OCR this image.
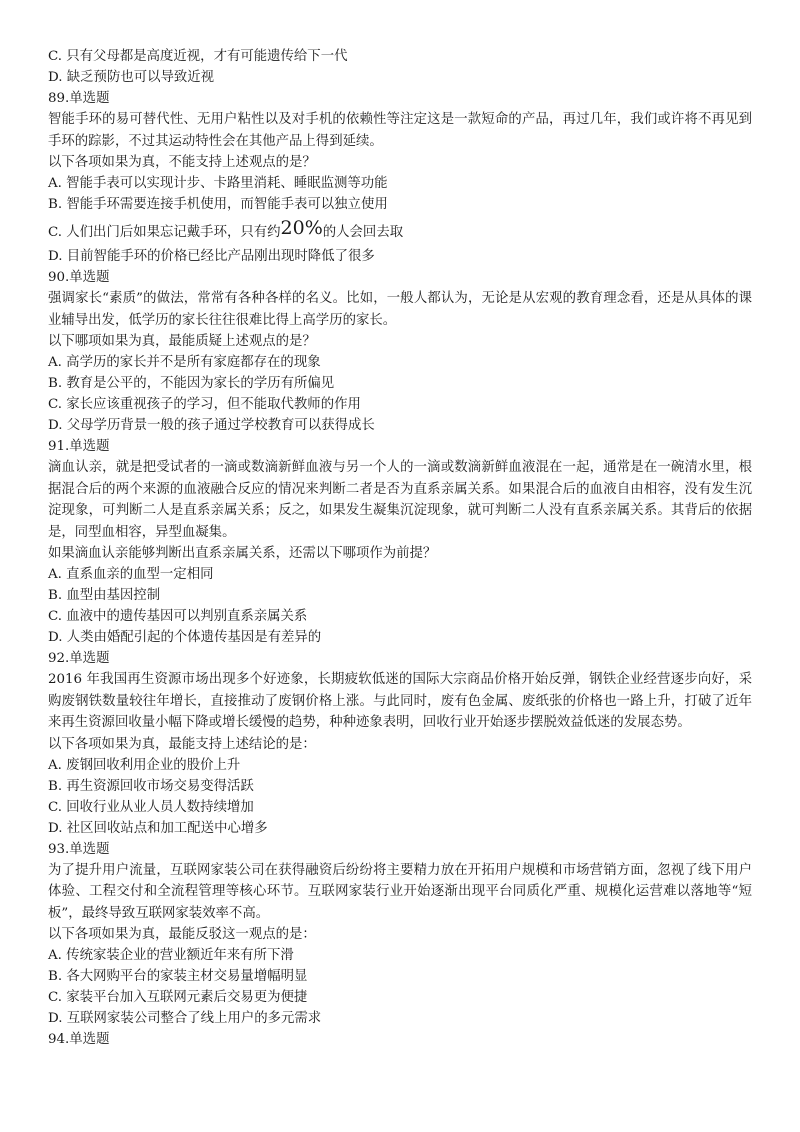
C. 只有父母都是高度近视，才有可能遗传给下一代
D. 缺乏预防也可以导致近视
89.单选题
智能手环的易可替代性、无用户粘性以及对手机的依赖性等注定这是一款短命的产品，再过几年，我们或许将不再见到手环的踪影，不过其运动特性会在其他产品上得到延续。
以下各项如果为真，不能支持上述观点的是？
A. 智能手表可以实现计步、卡路里消耗、睡眠监测等功能
B. 智能手环需要连接手机使用，而智能手表可以独立使用
C. 人们出门后如果忘记戴手环，只有约20%的人会回去取
D. 目前智能手环的价格已经比产品刚出现时降低了很多
90.单选题
强调家长“素质”的做法，常常有各种各样的名义。比如，一般人都认为，无论是从宏观的教育理念看，还是从具体的课业辅导出发，低学历的家长往往很难比得上高学历的家长。
以下哪项如果为真，最能质疑上述观点的是？
A. 高学历的家长并不是所有家庭都存在的现象
B. 教育是公平的，不能因为家长的学历有所偏见
C. 家长应该重视孩子的学习，但不能取代教师的作用
D. 父母学历背景一般的孩子通过学校教育可以获得成长
91.单选题
滴血认亲，就是把受试者的一滴或数滴新鲜血液与另一个人的一滴或数滴新鲜血液混在一起，通常是在一碗清水里，根据混合后的两个来源的血液融合反应的情况来判断二者是否为直系亲属关系。如果混合后的血液自由相容，没有发生沉淀现象，可判断二人是直系亲属关系；反之，如果发生凝集沉淀现象，就可判断二人没有直系亲属关系。其背后的依据是，同型血相容，异型血凝集。
如果滴血认亲能够判断出直系亲属关系，还需以下哪项作为前提？
A. 直系血亲的血型一定相同
B. 血型由基因控制
C. 血液中的遗传基因可以判别直系亲属关系
D. 人类由婚配引起的个体遗传基因是有差异的
92.单选题
2016 年我国再生资源市场出现多个好迹象，长期疲软低迷的国际大宗商品价格开始反弹，钢铁企业经营逐步向好，采购废钢铁数量较往年增长，直接推动了废钢价格上涨。与此同时，废有色金属、废纸张的价格也一路上升，打破了近年来再生资源回收量小幅下降或增长缓慢的趋势，种种迹象表明，回收行业开始逐步摆脱效益低迷的发展态势。
以下各项如果为真，最能支持上述结论的是：
A. 废钢回收利用企业的股价上升
B. 再生资源回收市场交易变得活跃
C. 回收行业从业人员人数持续增加
D. 社区回收站点和加工配送中心增多
93.单选题
为了提升用户流量，互联网家装公司在获得融资后纷纷将主要精力放在开拓用户规模和市场营销方面，忽视了线下用户体验、工程交付和全流程管理等核心环节。互联网家装行业开始逐渐出现平台同质化严重、规模化运营难以落地等“短板”，最终导致互联网家装效率不高。
以下各项如果为真，最能反驳这一观点的是：
A. 传统家装企业的营业额近年来有所下滑
B. 各大网购平台的家装主材交易量增幅明显
C. 家装平台加入互联网元素后交易更为便捷
D. 互联网家装公司整合了线上用户的多元需求
94.单选题
